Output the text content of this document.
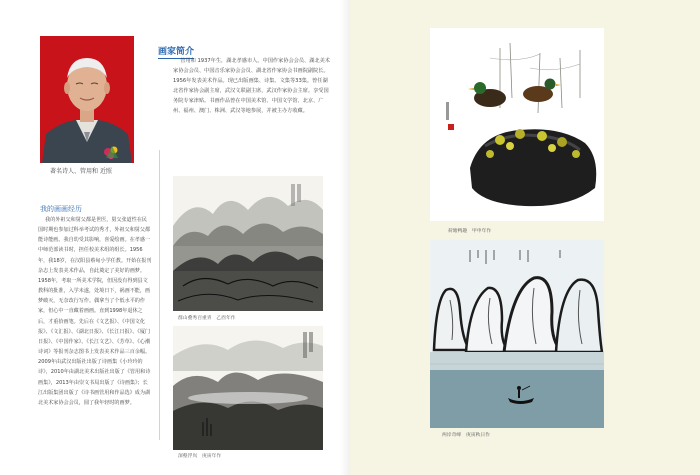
著名诗人、管用和 近照
画家简介

管用和 1937年生，湖北孝感市人。中国作家协会会员、湖北美术家协会会员、中国音乐家协会会员、湖北省作家协会书画院副院长。1956年发表美术作品。现已出版画集、诗集、文集等33集。曾任湖北省作家协会副主席，武汉文联副主席，武汉作家协会主席。享受国务院专家津贴。书画作品曾在中国美术馆、中国文学馆、北京、广州、福州、澳门、株洲、武汉等地参展，并被主办方收藏。

我的画画经历

我的外祖父和舅父都是世医，舅父张道性在民国时期也参加过科举考试的秀才，外祖父和舅父都能诗能画。我自幼受其影响，喜爱绘画。在孝感一中师范部读书时，担任校美术组的组长。1956年，我18岁，在汉阳县蔡甸小学任教。开始在报刊杂志上发表美术作品，自此奠定了美好的画梦。1958年，考取一所美术学院，但因没有得到县文教科的批准，入学未遂，处境日下，祸画不能，画梦破灭，无奈改行写作。偶拿当了个低水平的作家，但心中一直藏着画画。直到1998年退休之后，才重拾画笔。先后在《文艺报》、《中国文化报》、《文汇报》、《湖北日报》、《长江日报》、《厦门日报》、《中国作家》、《长江文艺》、《芳草》、《心潮诗词》等报刊杂志图书上发表美术作品三百余幅。2009年由武汉出版社出版了诗画集《小玲玲的诗》，2010年由湖北美术出版社出版了《管用和诗画集》，2013年由崇文书局出版了《诗画集》；长江出版集团出版了《诗书画管用和作品选》成为湖北美术家协会会员，圆了我年轻时的画梦。

群山叠秀百重青　乙酉年作
深壑浮岚　庚寅年作
荷塘鸭趣　甲申年作
两岸奇峰　庚寅秋日作
